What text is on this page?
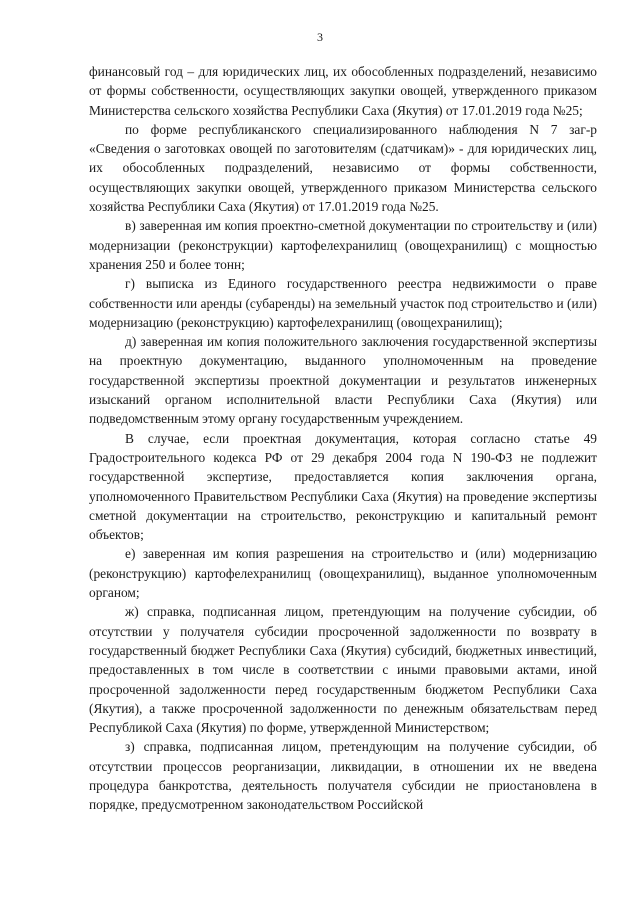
3

финансовый год – для юридических лиц, их обособленных подразделений, независимо от формы собственности, осуществляющих закупки овощей, утвержденного приказом Министерства сельского хозяйства Республики Саха (Якутия) от 17.01.2019 года №25;

по форме республиканского специализированного наблюдения N 7 заг-р «Сведения о заготовках овощей по заготовителям (сдатчикам)» - для юридических лиц, их обособленных подразделений, независимо от формы собственности, осуществляющих закупки овощей, утвержденного приказом Министерства сельского хозяйства Республики Саха (Якутия) от 17.01.2019 года №25.

в) заверенная им копия проектно-сметной документации по строительству и (или) модернизации (реконструкции) картофелехранилищ (овощехранилищ) с мощностью хранения 250 и более тонн;

г) выписка из Единого государственного реестра недвижимости о праве собственности или аренды (субаренды) на земельный участок под строительство и (или) модернизацию (реконструкцию) картофелехранилищ (овощехранилищ);

д) заверенная им копия положительного заключения государственной экспертизы на проектную документацию, выданного уполномоченным на проведение государственной экспертизы проектной документации и результатов инженерных изысканий органом исполнительной власти Республики Саха (Якутия) или подведомственным этому органу государственным учреждением.

В случае, если проектная документация, которая согласно статье 49 Градостроительного кодекса РФ от 29 декабря 2004 года N 190-ФЗ не подлежит государственной экспертизе, предоставляется копия заключения органа, уполномоченного Правительством Республики Саха (Якутия) на проведение экспертизы сметной документации на строительство, реконструкцию и капитальный ремонт объектов;

е) заверенная им копия разрешения на строительство и (или) модернизацию (реконструкцию) картофелехранилищ (овощехранилищ), выданное уполномоченным органом;

ж) справка, подписанная лицом, претендующим на получение субсидии, об отсутствии у получателя субсидии просроченной задолженности по возврату в государственный бюджет Республики Саха (Якутия) субсидий, бюджетных инвестиций, предоставленных в том числе в соответствии с иными правовыми актами, иной просроченной задолженности перед государственным бюджетом Республики Саха (Якутия), а также просроченной задолженности по денежным обязательствам перед Республикой Саха (Якутия) по форме, утвержденной Министерством;

з) справка, подписанная лицом, претендующим на получение субсидии, об отсутствии процессов реорганизации, ликвидации, в отношении их не введена процедура банкротства, деятельность получателя субсидии не приостановлена в порядке, предусмотренном законодательством Российской
